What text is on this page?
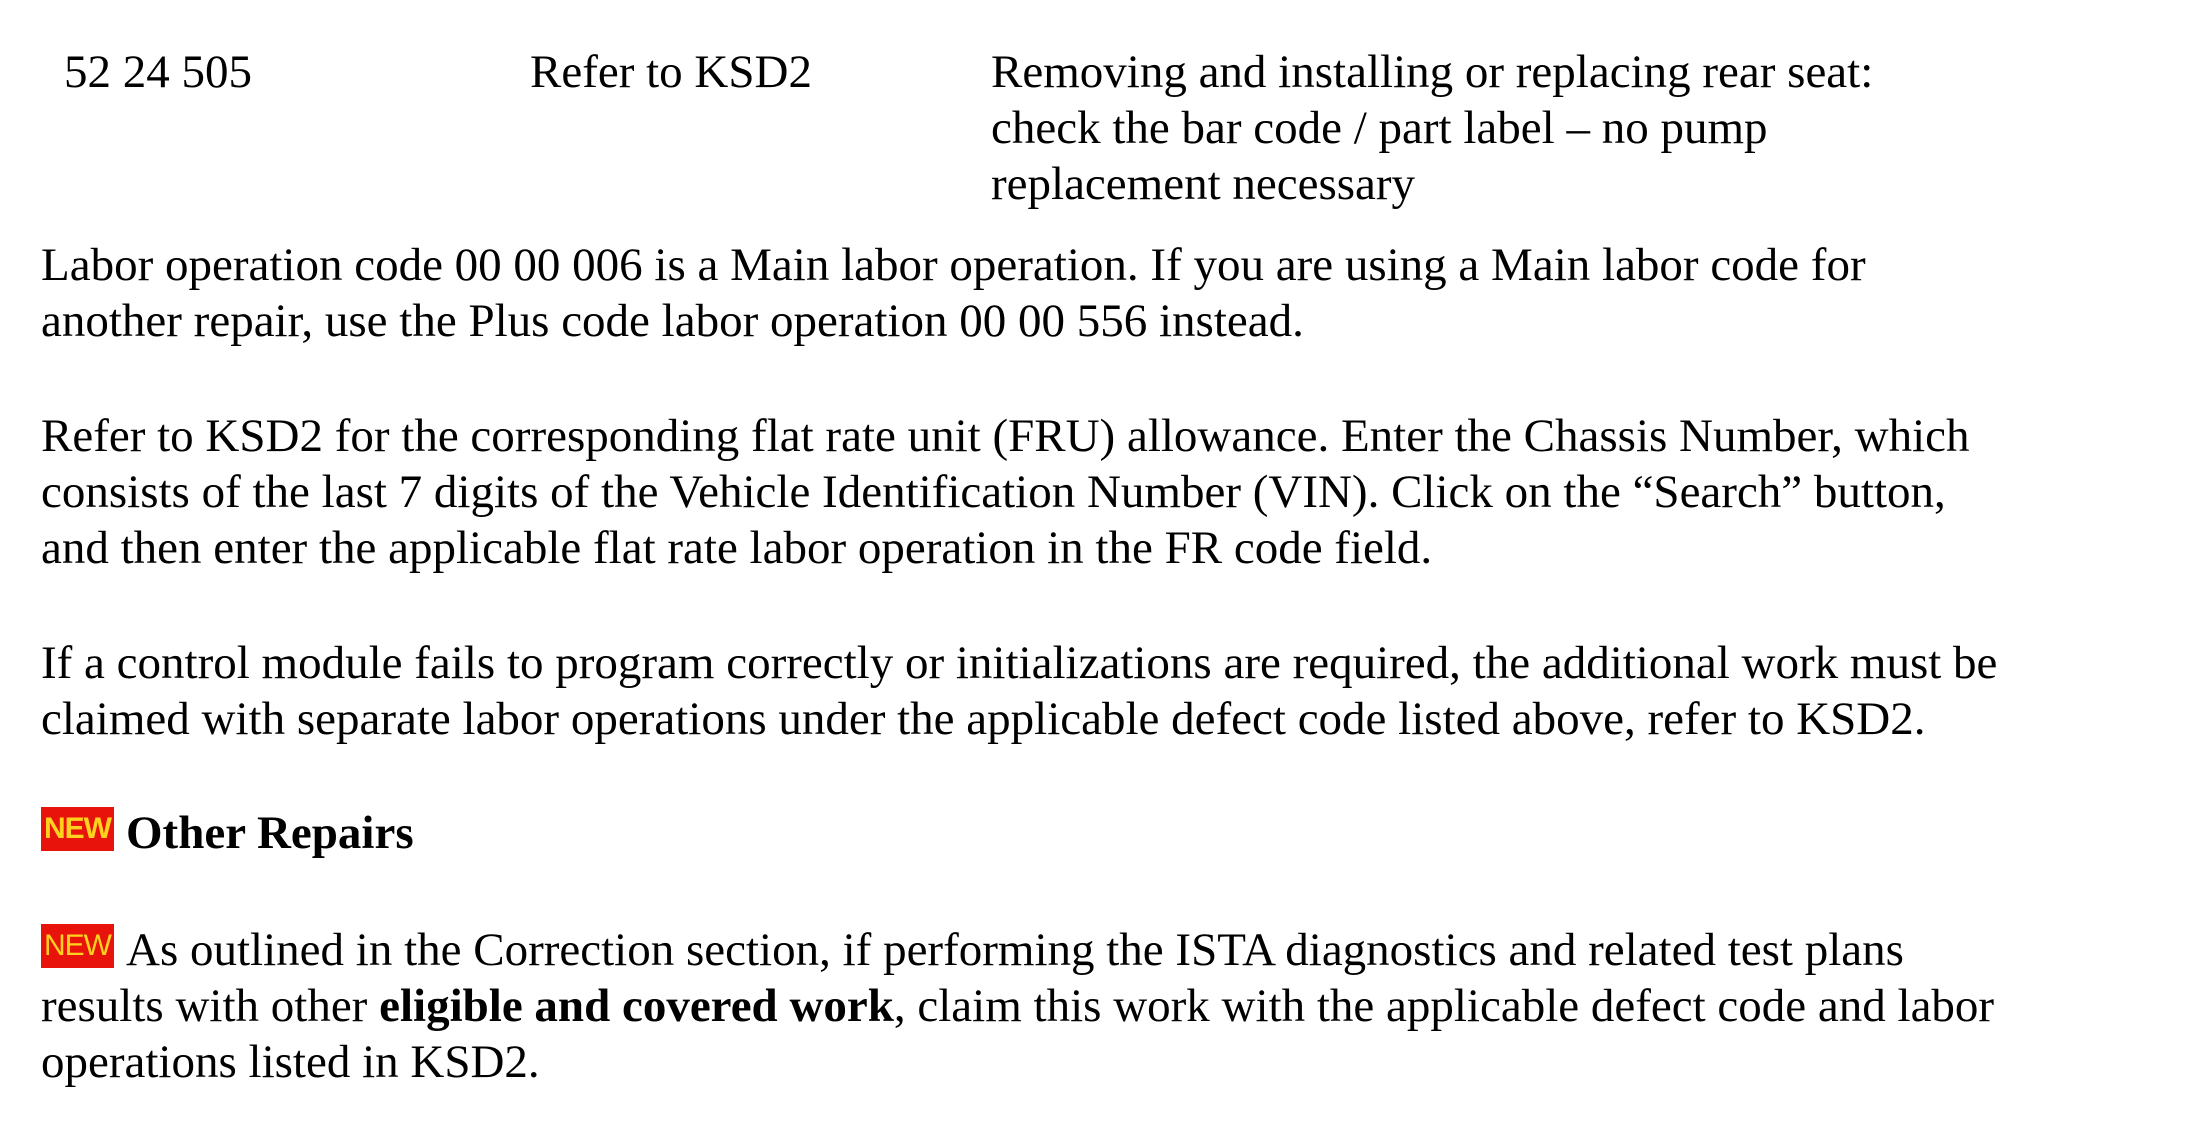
52 24 505	Refer to KSD2	Removing and installing or replacing rear seat:
check the bar code / part label – no pump
replacement necessary
Labor operation code 00 00 006 is a Main labor operation. If you are using a Main labor code for
another repair, use the Plus code labor operation 00 00 556 instead.
Refer to KSD2 for the corresponding flat rate unit (FRU) allowance. Enter the Chassis Number, which
consists of the last 7 digits of the Vehicle Identification Number (VIN). Click on the “Search” button,
and then enter the applicable flat rate labor operation in the FR code field.
If a control module fails to program correctly or initializations are required, the additional work must be
claimed with separate labor operations under the applicable defect code listed above, refer to KSD2.
NEW Other Repairs
NEW As outlined in the Correction section, if performing the ISTA diagnostics and related test plans
results with other eligible and covered work, claim this work with the applicable defect code and labor
operations listed in KSD2.
